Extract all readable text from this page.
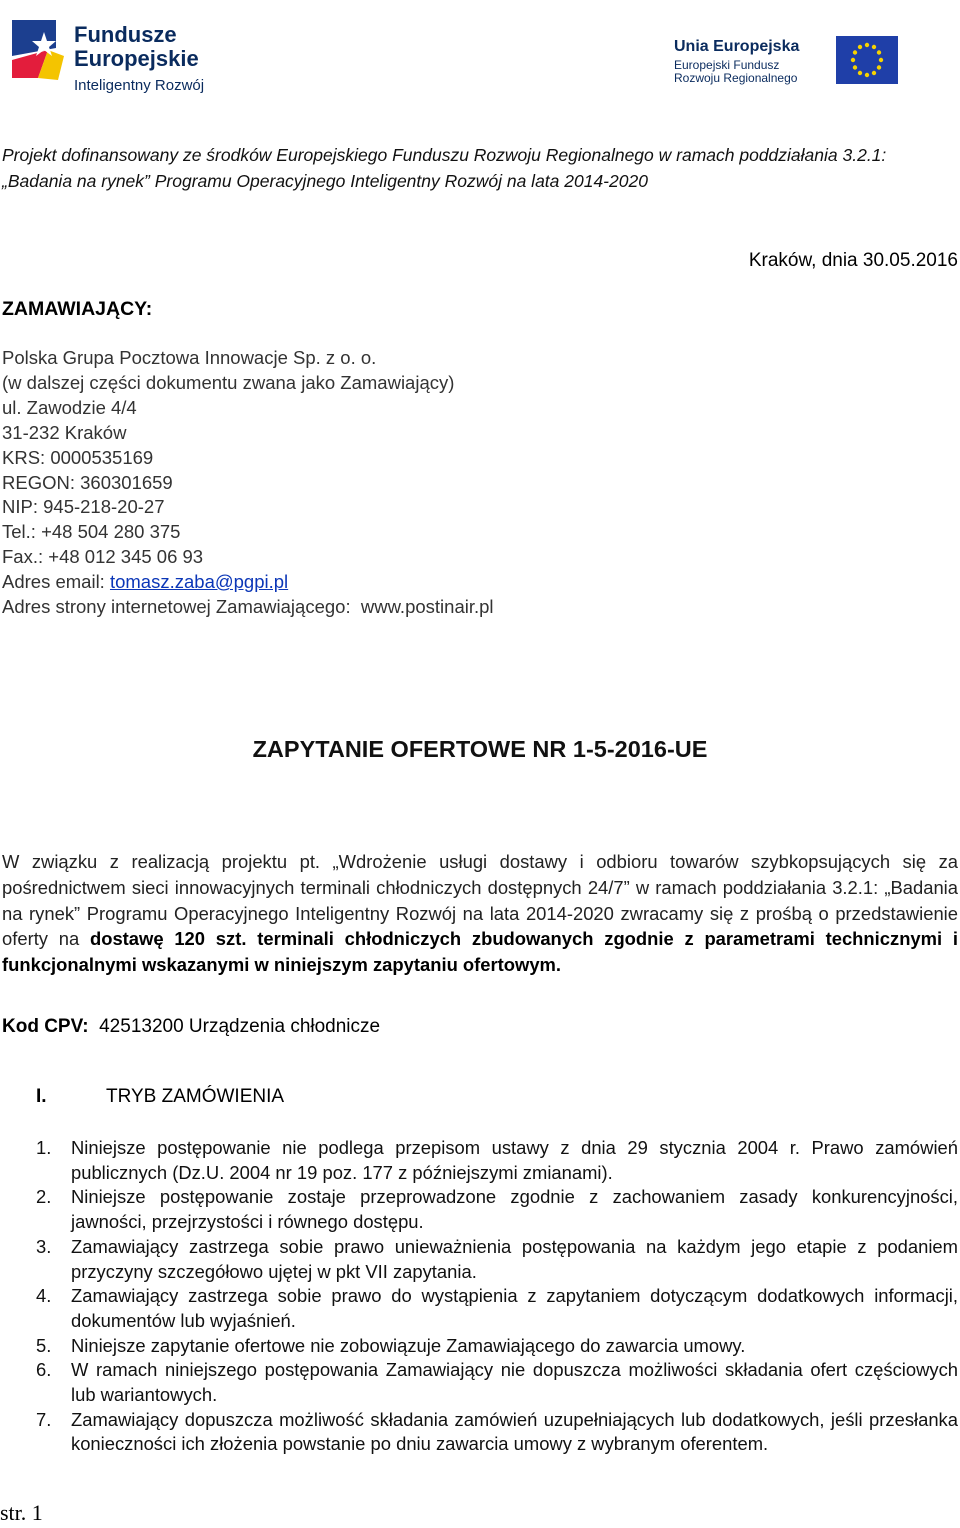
Fundusze
Europejskie
Inteligentny Rozwój
Unia Europejska
Europejski Fundusz
Rozwoju Regionalnego
Projekt dofinansowany ze środków Europejskiego Funduszu Rozwoju Regionalnego w ramach poddziałania 3.2.1: „Badania na rynek” Programu Operacyjnego Inteligentny Rozwój na lata 2014-2020
Kraków, dnia 30.05.2016
ZAMAWIAJĄCY:
Polska Grupa Pocztowa Innowacje Sp. z o. o.
(w dalszej części dokumentu zwana jako Zamawiający)
ul. Zawodzie 4/4
31-232 Kraków
KRS: 0000535169
REGON: 360301659
NIP: 945-218-20-27
Tel.: +48 504 280 375
Fax.: +48 012 345 06 93
Adres email: tomasz.zaba@pgpi.pl
Adres strony internetowej Zamawiającego:  www.postinair.pl
ZAPYTANIE OFERTOWE NR 1-5-2016-UE
W związku z realizacją projektu pt. „Wdrożenie usługi dostawy i odbioru towarów szybkopsujących się za pośrednictwem sieci innowacyjnych terminali chłodniczych dostępnych 24/7” w ramach poddziałania 3.2.1: „Badania na rynek” Programu Operacyjnego Inteligentny Rozwój na lata 2014-2020 zwracamy się z prośbą o przedstawienie oferty na dostawę 120 szt. terminali chłodniczych zbudowanych zgodnie z parametrami technicznymi i funkcjonalnymi wskazanymi w niniejszym zapytaniu ofertowym.
Kod CPV:  42513200 Urządzenia chłodnicze
I.	TRYB ZAMÓWIENIA
1. Niniejsze postępowanie nie podlega przepisom ustawy z dnia 29 stycznia 2004 r. Prawo zamówień publicznych (Dz.U. 2004 nr 19 poz. 177 z późniejszymi zmianami).
2. Niniejsze postępowanie zostaje przeprowadzone zgodnie z zachowaniem zasady konkurencyjności, jawności, przejrzystości i równego dostępu.
3. Zamawiający zastrzega sobie prawo unieważnienia postępowania na każdym jego etapie z podaniem przyczyny szczegółowo ujętej w pkt VII zapytania.
4. Zamawiający zastrzega sobie prawo do wystąpienia z zapytaniem dotyczącym dodatkowych informacji, dokumentów lub wyjaśnień.
5. Niniejsze zapytanie ofertowe nie zobowiązuje Zamawiającego do zawarcia umowy.
6. W ramach niniejszego postępowania Zamawiający nie dopuszcza możliwości składania ofert częściowych lub wariantowych.
7. Zamawiający dopuszcza możliwość składania zamówień uzupełniających lub dodatkowych, jeśli przesłanka konieczności ich złożenia powstanie po dniu zawarcia umowy z wybranym oferentem.
str. 1
